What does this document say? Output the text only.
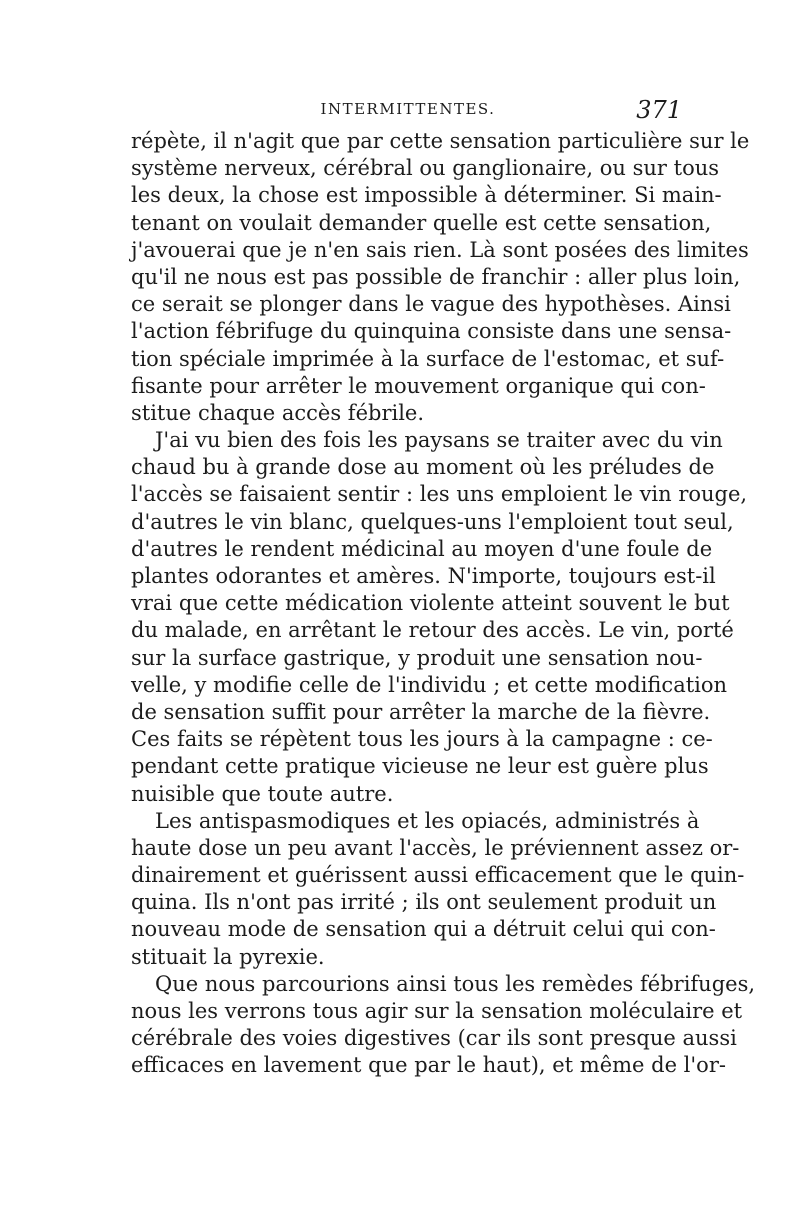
INTERMITTENTES.	371
répète, il n'agit que par cette sensation particulière sur le
système nerveux, cérébral ou ganglionaire, ou sur tous
les deux, la chose est impossible à déterminer. Si main-
tenant on voulait demander quelle est cette sensation,
j'avouerai que je n'en sais rien. Là sont posées des limites
qu'il ne nous est pas possible de franchir : aller plus loin,
ce serait se plonger dans le vague des hypothèses. Ainsi
l'action fébrifuge du quinquina consiste dans une sensa-
tion spéciale imprimée à la surface de l'estomac, et suf-
fisante pour arrêter le mouvement organique qui con-
stitue chaque accès fébrile.
J'ai vu bien des fois les paysans se traiter avec du vin
chaud bu à grande dose au moment où les préludes de
l'accès se faisaient sentir : les uns emploient le vin rouge,
d'autres le vin blanc, quelques-uns l'emploient tout seul,
d'autres le rendent médicinal au moyen d'une foule de
plantes odorantes et amères. N'importe, toujours est-il
vrai que cette médication violente atteint souvent le but
du malade, en arrêtant le retour des accès. Le vin, porté
sur la surface gastrique, y produit une sensation nou-
velle, y modifie celle de l'individu ; et cette modification
de sensation suffit pour arrêter la marche de la fièvre.
Ces faits se répètent tous les jours à la campagne : ce-
pendant cette pratique vicieuse ne leur est guère plus
nuisible que toute autre.
Les antispasmodiques et les opiacés, administrés à
haute dose un peu avant l'accès, le préviennent assez or-
dinairement et guérissent aussi efficacement que le quin-
quina. Ils n'ont pas irrité ; ils ont seulement produit un
nouveau mode de sensation qui a détruit celui qui con-
stituait la pyrexie.
Que nous parcourions ainsi tous les remèdes fébrifuges,
nous les verrons tous agir sur la sensation moléculaire et
cérébrale des voies digestives (car ils sont presque aussi
efficaces en lavement que par le haut), et même de l'or-
